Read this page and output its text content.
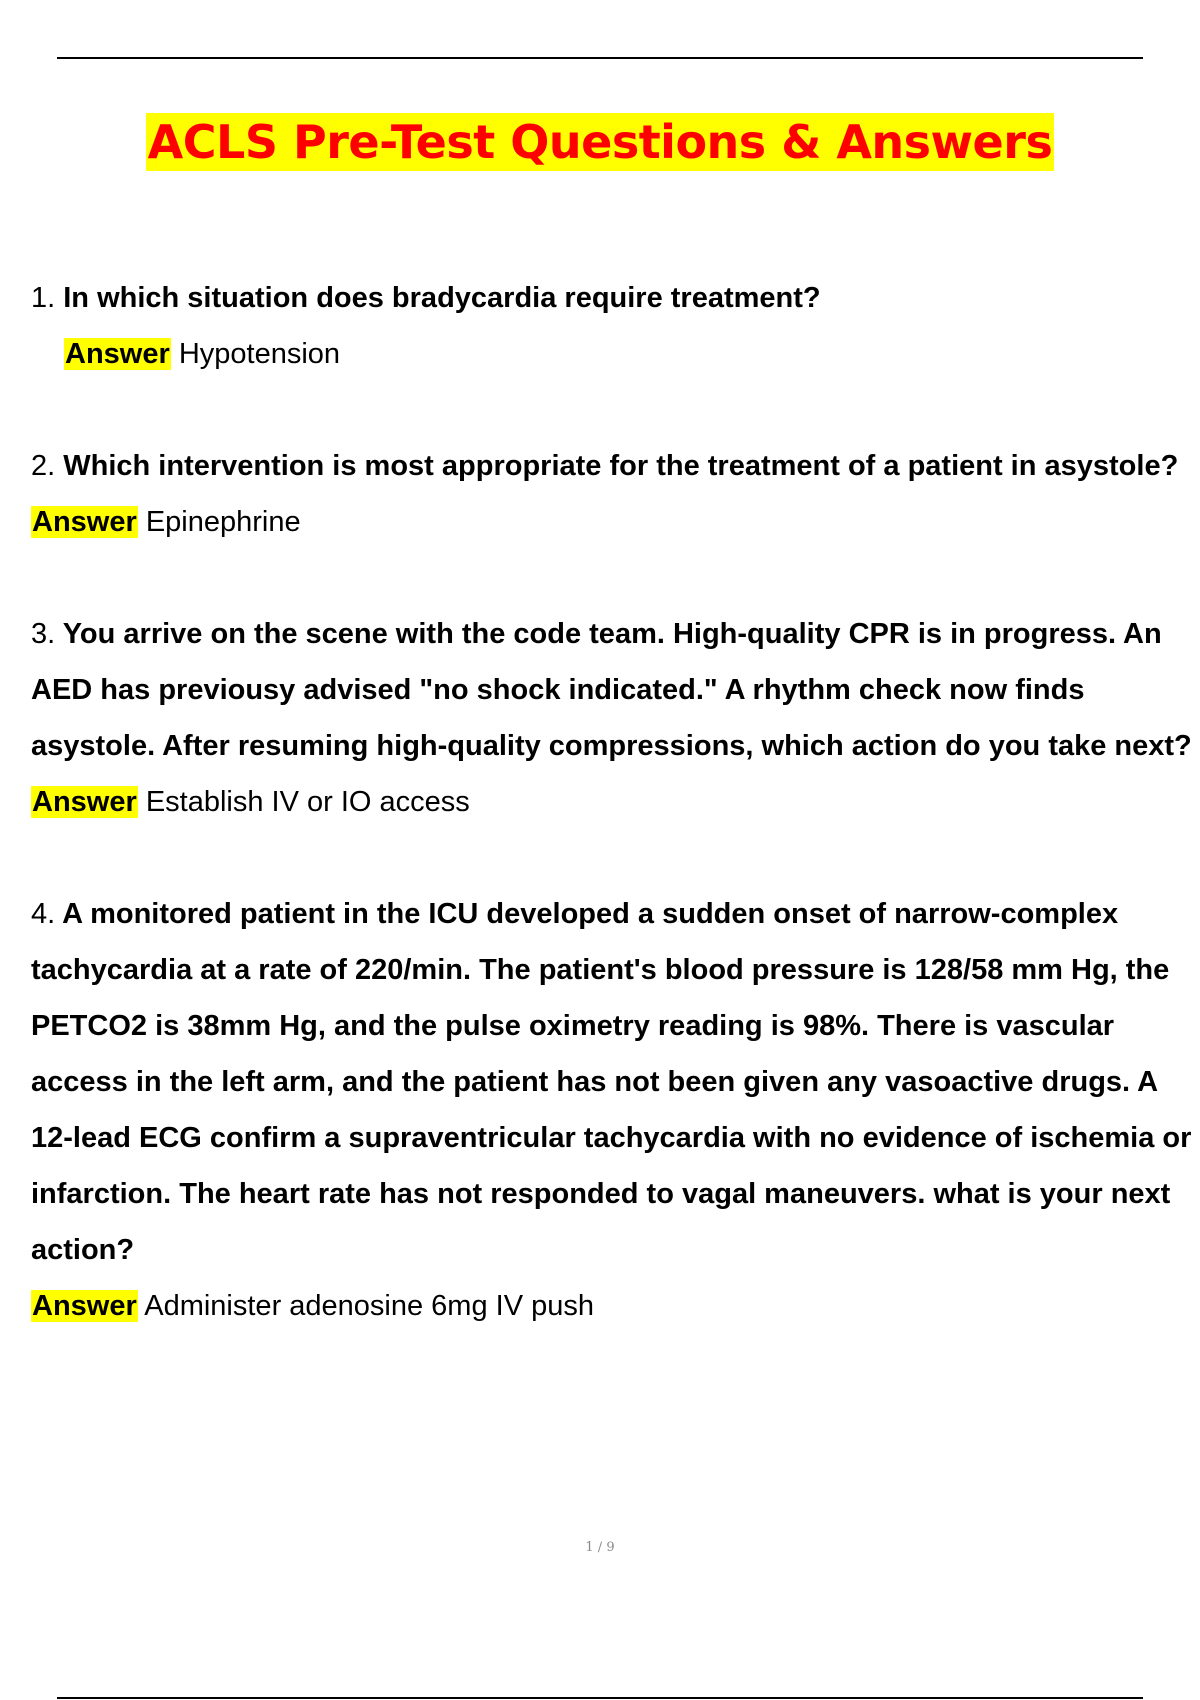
ACLS Pre-Test Questions & Answers

1. In which situation does bradycardia require treatment?

Answer Hypotension

2. Which intervention is most appropriate for the treatment of a patient in asystole?

Answer Epinephrine

3. You arrive on the scene with the code team. High-quality CPR is in progress. An AED has previousy advised "no shock indicated." A rhythm check now finds asystole. After resuming high-quality compressions, which action do you take next?

Answer Establish IV or IO access

4. A monitored patient in the ICU developed a sudden onset of narrow-complex tachycardia at a rate of 220/min. The patient's blood pressure is 128/58 mm Hg, the PETCO2 is 38mm Hg, and the pulse oximetry reading is 98%. There is vascular access in the left arm, and the patient has not been given any vasoactive drugs. A 12-lead ECG confirm a supraventricular tachycardia with no evidence of ischemia or infarction. The heart rate has not responded to vagal maneuvers. what is your next action?

Answer Administer adenosine 6mg IV push

1 / 9
